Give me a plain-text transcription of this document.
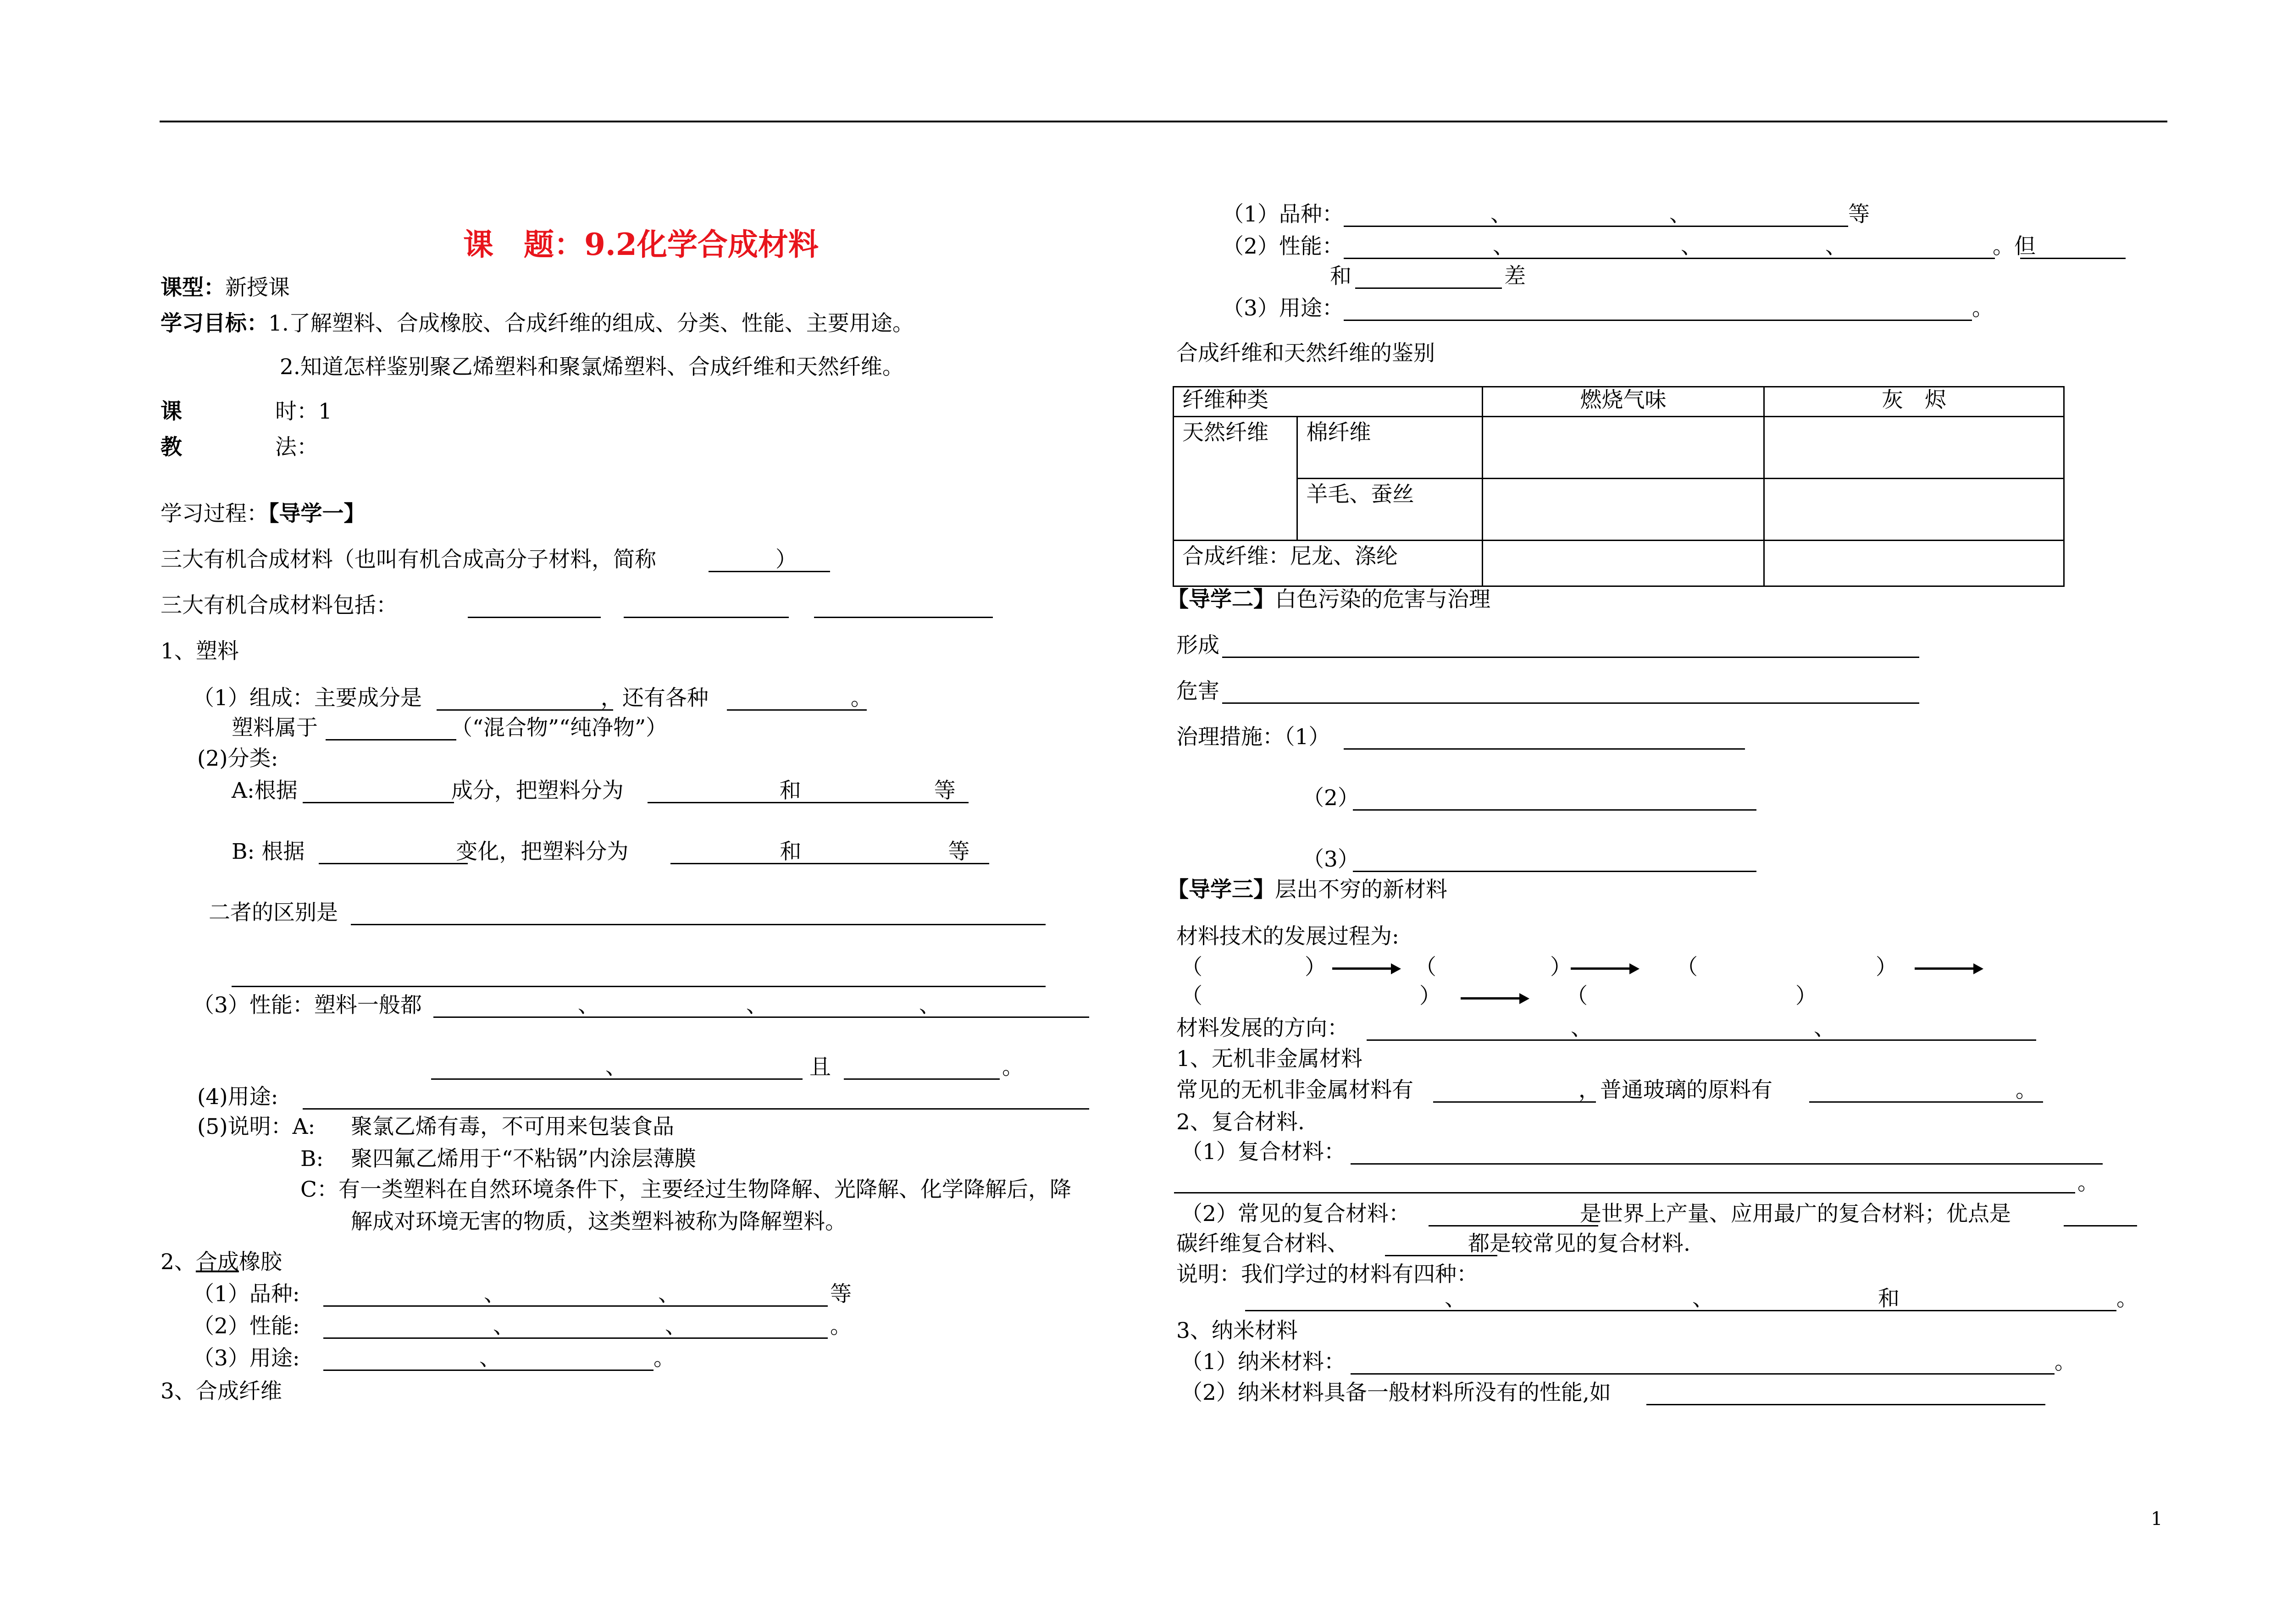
课　题：9.2化学合成材料
课型：新授课
学习目标：1.了解塑料、合成橡胶、合成纤维的组成、分类、性能、主要用途。
2.知道怎样鉴别聚乙烯塑料和聚氯烯塑料、合成纤维和天然纤维。
课	时：1
教	法：
学习过程：【导学一】
三大有机合成材料（也叫有机合成高分子材料，简称	）
三大有机合成材料包括：
1、塑料
（1）组成：主要成分是	，还有各种	。
塑料属于	（“混合物”“纯净物”）
(2)分类:
A:根据	成分，把塑料分为	和	等
B: 根据	变化，把塑料分为	和	等
二者的区别是
（3）性能：塑料一般都	、	、	、
、	且	。
(4)用途:
(5)说明：A: 聚氯乙烯有毒，不可用来包装食品
B: 聚四氟乙烯用于“不粘锅”内涂层薄膜
C：有一类塑料在自然环境条件下，主要经过生物降解、光降解、化学降解后，降
解成对环境无害的物质，这类塑料被称为降解塑料。
2、合成橡胶
（1）品种:	、	、	等
（2）性能:	、	、	。
（3）用途:	、	。
3、合成纤维
（1）品种：	、	、	等
（2）性能：	、	、	、	。但
和	差
（3）用途：	。
合成纤维和天然纤维的鉴别
纤维种类		燃烧气味	灰　烬
天然纤维	棉纤维		
	羊毛、蚕丝		
合成纤维：尼龙、涤纶			
【导学二】白色污染的危害与治理
形成
危害
治理措施：（1）
（2）
（3）
【导学三】层出不穷的新材料
材料技术的发展过程为:
（	）	（	）	（	）
（	）	（	）
材料发展的方向：	、	、
1、无机非金属材料
常见的无机非金属材料有	，普通玻璃的原料有	。
2、复合材料.
（1）复合材料：
。
（2）常见的复合材料：	是世界上产量、应用最广的复合材料；优点是
碳纤维复合材料、	都是较常见的复合材料.
说明：我们学过的材料有四种：
、	、	和	。
3、纳米材料
（1）纳米材料：	。
（2）纳米材料具备一般材料所没有的性能,如
1
